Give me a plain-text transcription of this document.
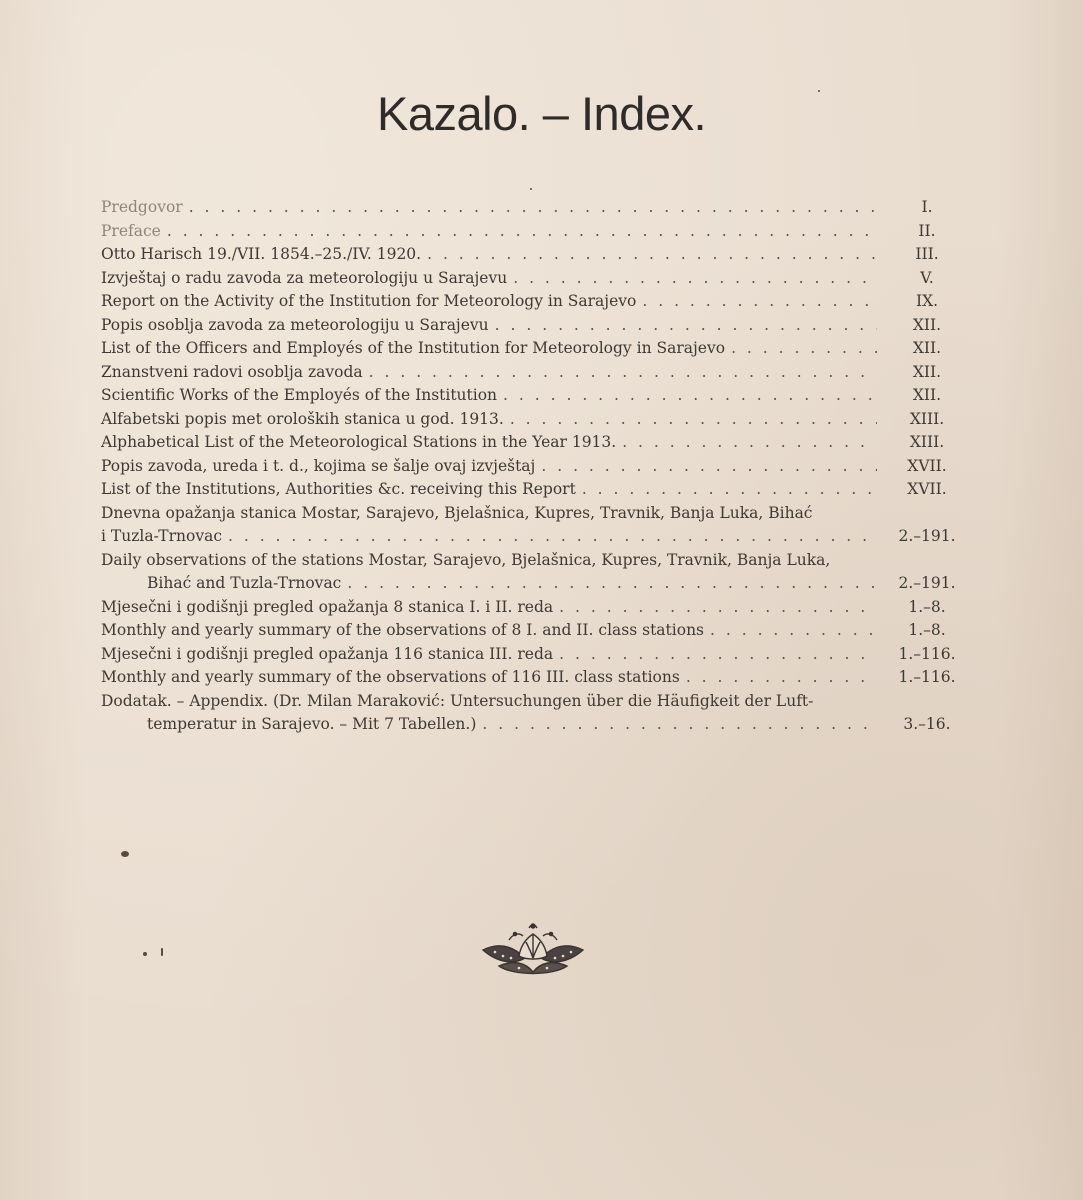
Kazalo. – Index.
Predgovor . . .	I.
Preface . . .	II.
Otto Harisch 19./VII. 1854.–25./IV. 1920. . . .	III.
Izvještaj o radu zavoda za meteorologiju u Sarajevu . . .	V.
Report on the Activity of the Institution for Meteorology in Sarajevo . . .	IX.
Popis osoblja zavoda za meteorologiju u Sarajevu . . .	XII.
List of the Officers and Employés of the Institution for Meteorology in Sarajevo . . .	XII.
Znanstveni radovi osoblja zavoda . . .	XII.
Scientific Works of the Employés of the Institution . . .	XII.
Alfabetski popis met oroloških stanica u god. 1913. . . .	XIII.
Alphabetical List of the Meteorological Stations in the Year 1913. . . .	XIII.
Popis zavoda, ureda i t. d., kojima se šalje ovaj izvještaj . . .	XVII.
List of the Institutions, Authorities &c. receiving this Report . . .	XVII.
Dnevna opažanja stanica Mostar, Sarajevo, Bjelašnica, Kupres, Travnik, Banja Luka, Bihać
i Tuzla-Trnovac . . .	2.–191.
Daily observations of the stations Mostar, Sarajevo, Bjelašnica, Kupres, Travnik, Banja Luka,
Bihać and Tuzla-Trnovac . . .	2.–191.
Mjesečni i godišnji pregled opažanja 8 stanica I. i II. reda . . .	1.–8.
Monthly and yearly summary of the observations of 8 I. and II. class stations . . .	1.–8.
Mjesečni i godišnji pregled opažanja 116 stanica III. reda . . .	1.–116.
Monthly and yearly summary of the observations of 116 III. class stations . . .	1.–116.
Dodatak. – Appendix. (Dr. Milan Maraković: Untersuchungen über die Häufigkeit der Luft-
temperatur in Sarajevo. – Mit 7 Tabellen.) . . .	3.–16.
